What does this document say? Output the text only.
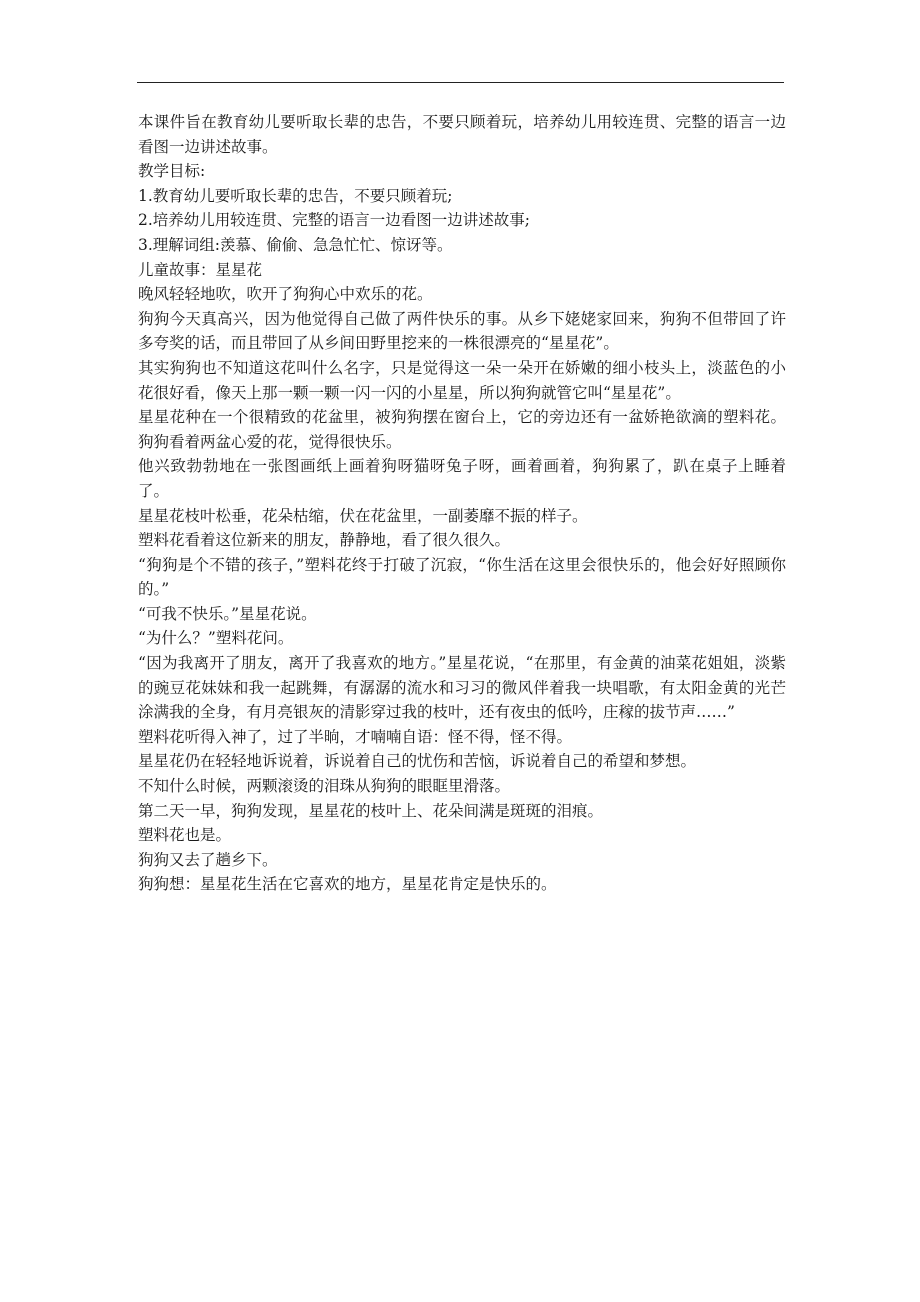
本课件旨在教育幼儿要听取长辈的忠告，不要只顾着玩，培养幼儿用较连贯、完整的语言一边看图一边讲述故事。

教学目标:

1.教育幼儿要听取长辈的忠告，不要只顾着玩;

2.培养幼儿用较连贯、完整的语言一边看图一边讲述故事;

3.理解词组:羡慕、偷偷、急急忙忙、惊讶等。

儿童故事：星星花

晚风轻轻地吹，吹开了狗狗心中欢乐的花。

狗狗今天真高兴，因为他觉得自己做了两件快乐的事。从乡下姥姥家回来，狗狗不但带回了许多夸奖的话，而且带回了从乡间田野里挖来的一株很漂亮的“星星花”。

其实狗狗也不知道这花叫什么名字，只是觉得这一朵一朵开在娇嫩的细小枝头上，淡蓝色的小花很好看，像天上那一颗一颗一闪一闪的小星星，所以狗狗就管它叫“星星花”。

星星花种在一个很精致的花盆里，被狗狗摆在窗台上，它的旁边还有一盆娇艳欲滴的塑料花。狗狗看着两盆心爱的花，觉得很快乐。

他兴致勃勃地在一张图画纸上画着狗呀猫呀兔子呀，画着画着，狗狗累了，趴在桌子上睡着了。

星星花枝叶松垂，花朵枯缩，伏在花盆里，一副萎靡不振的样子。

塑料花看着这位新来的朋友，静静地，看了很久很久。

“狗狗是个不错的孩子，”塑料花终于打破了沉寂，“你生活在这里会很快乐的，他会好好照顾你的。”

“可我不快乐。”星星花说。

“为什么？”塑料花问。

“因为我离开了朋友，离开了我喜欢的地方。”星星花说，“在那里，有金黄的油菜花姐姐，淡紫的豌豆花妹妹和我一起跳舞，有潺潺的流水和习习的微风伴着我一块唱歌，有太阳金黄的光芒涂满我的全身，有月亮银灰的清影穿过我的枝叶，还有夜虫的低吟，庄稼的拔节声……”

塑料花听得入神了，过了半晌，才喃喃自语：怪不得，怪不得。

星星花仍在轻轻地诉说着，诉说着自己的忧伤和苦恼，诉说着自己的希望和梦想。

不知什么时候，两颗滚烫的泪珠从狗狗的眼眶里滑落。

第二天一早，狗狗发现，星星花的枝叶上、花朵间满是斑斑的泪痕。

塑料花也是。

狗狗又去了趟乡下。

狗狗想：星星花生活在它喜欢的地方，星星花肯定是快乐的。
